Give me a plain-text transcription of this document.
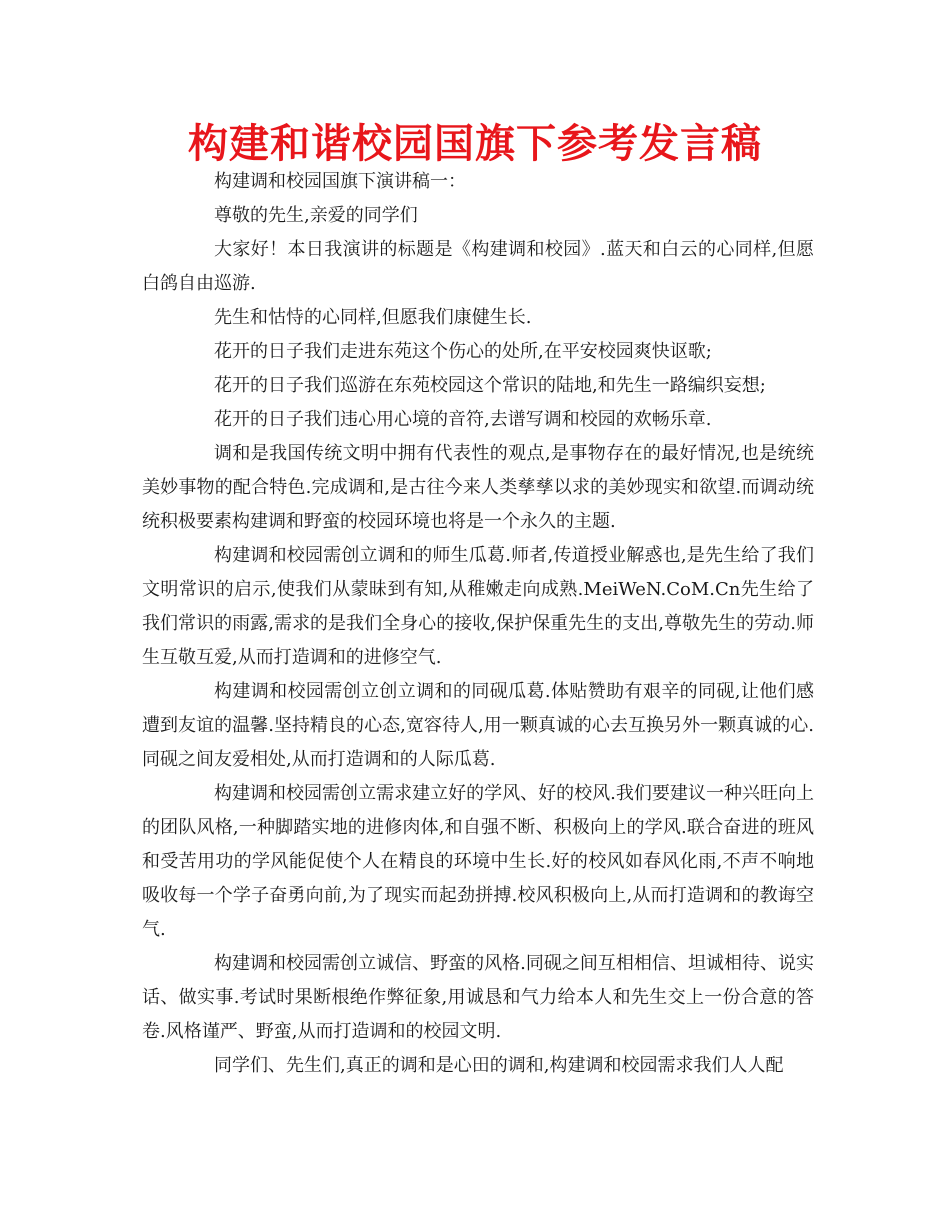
构建和谐校园国旗下参考发言稿

构建调和校园国旗下演讲稿一：

尊敬的先生,亲爱的同学们

大家好！本日我演讲的标题是《构建调和校园》.蓝天和白云的心同样,但愿白鸽自由巡游.

先生和怙恃的心同样,但愿我们康健生长.

花开的日子我们走进东苑这个伤心的处所,在平安校园爽快讴歌;

花开的日子我们巡游在东苑校园这个常识的陆地,和先生一路编织妄想;

花开的日子我们违心用心境的音符,去谱写调和校园的欢畅乐章.

调和是我国传统文明中拥有代表性的观点,是事物存在的最好情况,也是统统美妙事物的配合特色.完成调和,是古往今来人类孳孳以求的美妙现实和欲望.而调动统统积极要素构建调和野蛮的校园环境也将是一个永久的主题.

构建调和校园需创立调和的师生瓜葛.师者,传道授业解惑也,是先生给了我们文明常识的启示,使我们从蒙昧到有知,从稚嫩走向成熟.MeiWeN.CoM.Cn先生给了我们常识的雨露,需求的是我们全身心的接收,保护保重先生的支出,尊敬先生的劳动.师生互敬互爱,从而打造调和的进修空气.

构建调和校园需创立创立调和的同砚瓜葛.体贴赞助有艰辛的同砚,让他们感遭到友谊的温馨.坚持精良的心态,宽容待人,用一颗真诚的心去互换另外一颗真诚的心.同砚之间友爱相处,从而打造调和的人际瓜葛.

构建调和校园需创立需求建立好的学风、好的校风.我们要建议一种兴旺向上的团队风格,一种脚踏实地的进修肉体,和自强不断、积极向上的学风.联合奋进的班风和受苦用功的学风能促使个人在精良的环境中生长.好的校风如春风化雨,不声不响地吸收每一个学子奋勇向前,为了现实而起劲拼搏.校风积极向上,从而打造调和的教诲空气.

构建调和校园需创立诚信、野蛮的风格.同砚之间互相相信、坦诚相待、说实话、做实事.考试时果断根绝作弊征象,用诚恳和气力给本人和先生交上一份合意的答卷.风格谨严、野蛮,从而打造调和的校园文明.

同学们、先生们,真正的调和是心田的调和,构建调和校园需求我们人人配
